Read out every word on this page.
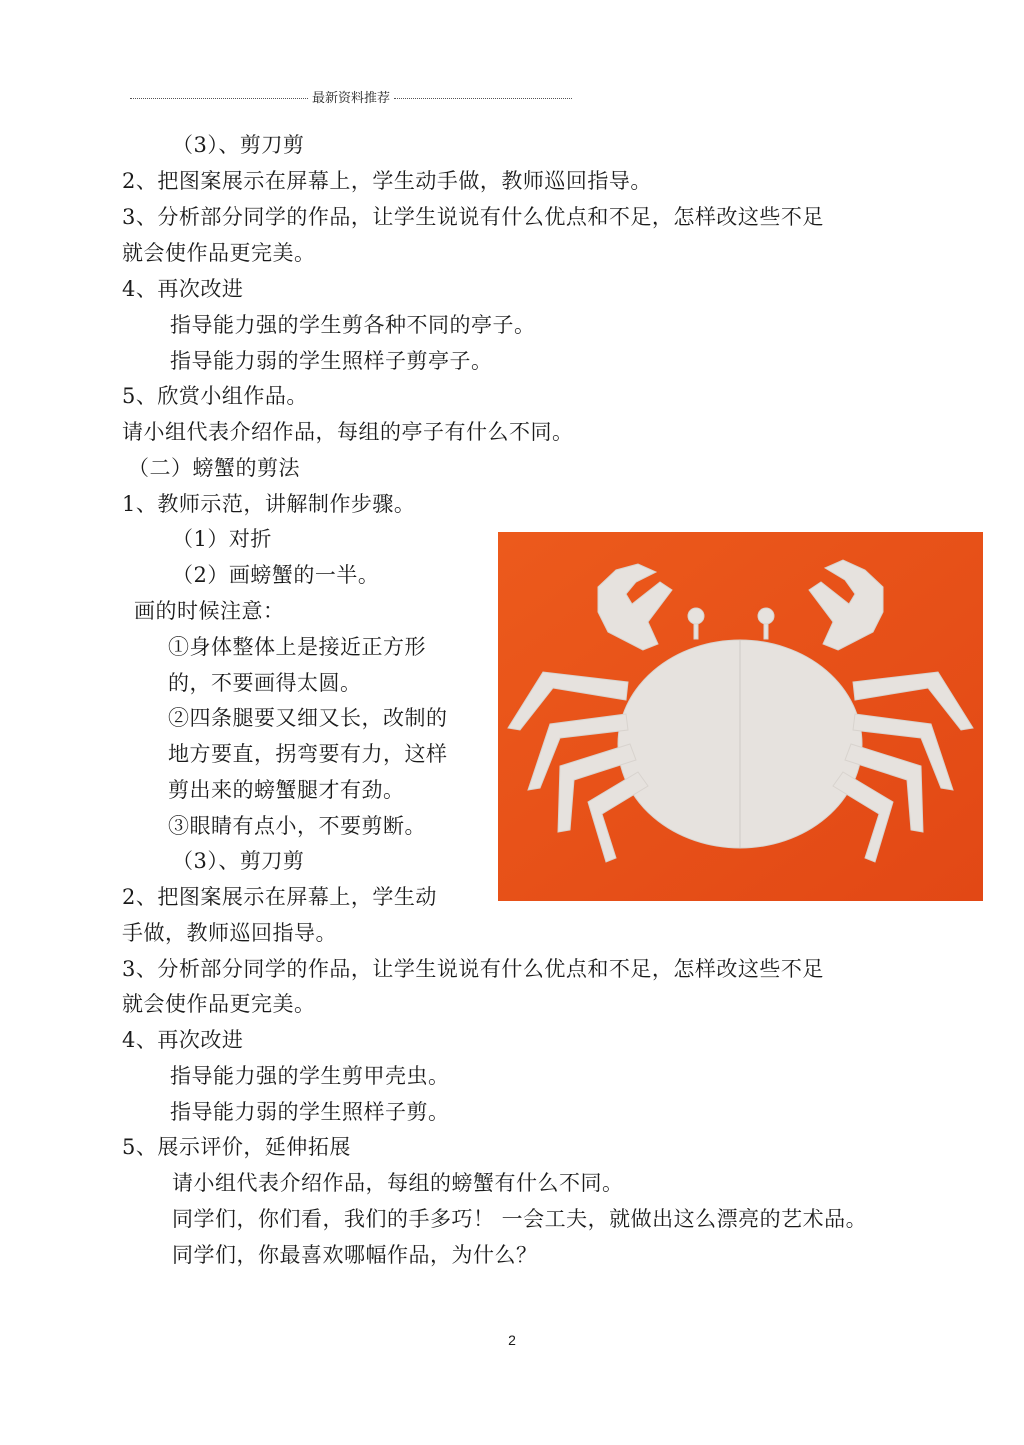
最新资料推荐
（3）、剪刀剪
2、把图案展示在屏幕上，学生动手做，教师巡回指导。
3、分析部分同学的作品，让学生说说有什么优点和不足，怎样改这些不足
就会使作品更完美。
4、再次改进
指导能力强的学生剪各种不同的亭子。
指导能力弱的学生照样子剪亭子。
5、欣赏小组作品。
请小组代表介绍作品，每组的亭子有什么不同。
（二）螃蟹的剪法
1、教师示范，讲解制作步骤。
（1）对折
（2）画螃蟹的一半。
画的时候注意：
①身体整体上是接近正方形
的，不要画得太圆。
②四条腿要又细又长，改制的
地方要直，拐弯要有力，这样
剪出来的螃蟹腿才有劲。
③眼睛有点小，不要剪断。
（3）、剪刀剪
2、把图案展示在屏幕上，学生动
手做，教师巡回指导。
3、分析部分同学的作品，让学生说说有什么优点和不足，怎样改这些不足
就会使作品更完美。
4、再次改进
指导能力强的学生剪甲壳虫。
指导能力弱的学生照样子剪。
5、展示评价，延伸拓展
请小组代表介绍作品，每组的螃蟹有什么不同。
同学们，你们看，我们的手多巧！ 一会工夫，就做出这么漂亮的艺术品。
同学们，你最喜欢哪幅作品，为什么？
2
